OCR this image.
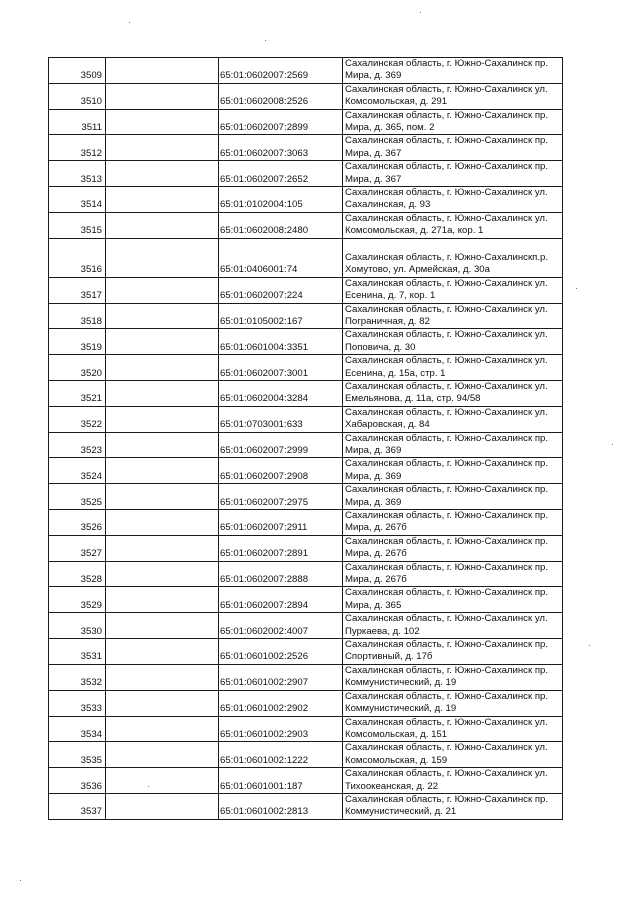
3509		65:01:0602007:2569	Сахалинская область, г. Южно-Сахалинск пр.
Мира, д. 369

3510		65:01:0602008:2526	Сахалинская область, г. Южно-Сахалинск ул.
Комсомольская, д. 291

3511		65:01:0602007:2899	Сахалинская область, г. Южно-Сахалинск пр.
Мира, д. 365, пом. 2

3512		65:01:0602007:3063	Сахалинская область, г. Южно-Сахалинск пр.
Мира, д. 367

3513		65:01:0602007:2652	Сахалинская область, г. Южно-Сахалинск пр.
Мира, д. 367

3514		65:01:0102004:105	Сахалинская область, г. Южно-Сахалинск ул.
Сахалинская, д. 93

3515		65:01:0602008:2480	Сахалинская область, г. Южно-Сахалинск ул.
Комсомольская, д. 271а, кор. 1

3516		65:01:0406001:74	Сахалинская область, г. Южно-Сахалинскп.р.
Хомутово, ул. Армейская, д. 30а

3517		65:01:0602007:224	Сахалинская область, г. Южно-Сахалинск ул.
Есенина, д. 7, кор. 1

3518		65:01:0105002:167	Сахалинская область, г. Южно-Сахалинск ул.
Пограничная, д. 82

3519		65:01:0601004:3351	Сахалинская область, г. Южно-Сахалинск ул.
Поповича, д. 30

3520		65:01:0602007:3001	Сахалинская область, г. Южно-Сахалинск ул.
Есенина, д. 15а, стр. 1

3521		65:01:0602004:3284	Сахалинская область, г. Южно-Сахалинск ул.
Емельянова, д. 11а, стр. 94/58

3522		65:01:0703001:633	Сахалинская область, г. Южно-Сахалинск ул.
Хабаровская, д. 84

3523		65:01:0602007:2999	Сахалинская область, г. Южно-Сахалинск пр.
Мира, д. 369

3524		65:01:0602007:2908	Сахалинская область, г. Южно-Сахалинск пр.
Мира, д. 369

3525		65:01:0602007:2975	Сахалинская область, г. Южно-Сахалинск пр.
Мира, д. 369

3526		65:01:0602007:2911	Сахалинская область, г. Южно-Сахалинск пр.
Мира, д. 267б

3527		65:01:0602007:2891	Сахалинская область, г. Южно-Сахалинск пр.
Мира, д. 267б

3528		65:01:0602007:2888	Сахалинская область, г. Южно-Сахалинск пр.
Мира, д. 267б

3529		65:01:0602007:2894	Сахалинская область, г. Южно-Сахалинск пр.
Мира, д. 365

3530		65:01:0602002:4007	Сахалинская область, г. Южно-Сахалинск ул.
Пуркаева, д. 102

3531		65:01:0601002:2526	Сахалинская область, г. Южно-Сахалинск пр.
Спортивный, д. 17б

3532		65:01:0601002:2907	Сахалинская область, г. Южно-Сахалинск пр.
Коммунистический, д. 19

3533		65:01:0601002:2902	Сахалинская область, г. Южно-Сахалинск пр.
Коммунистический, д. 19

3534		65:01:0601002:2903	Сахалинская область, г. Южно-Сахалинск ул.
Комсомольская, д. 151

3535		65:01:0601002:1222	Сахалинская область, г. Южно-Сахалинск ул.
Комсомольская, д. 159

3536		65:01:0601001:187	Сахалинская область, г. Южно-Сахалинск ул.
Тихоокеанская, д. 22

3537		65:01:0601002:2813	Сахалинская область, г. Южно-Сахалинск пр.
Коммунистический, д. 21
